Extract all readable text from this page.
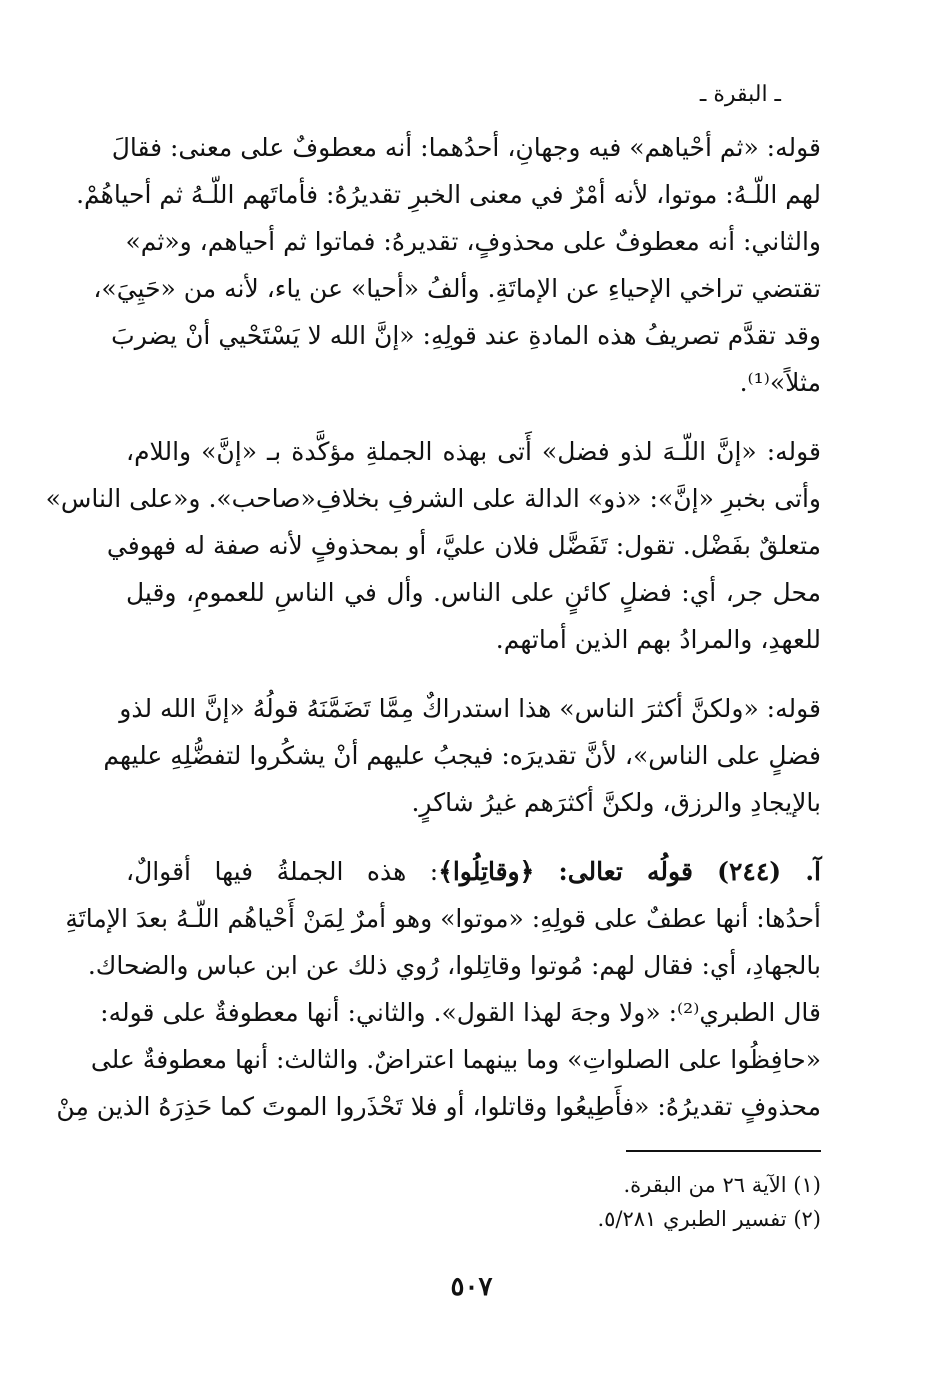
ـ البقرة ـ
قوله: «ثم أحْياهم» فيه وجهانِ، أحدُهما: أنه معطوفٌ على معنى: فقالَ
لهم اللّـهُ: موتوا، لأنه أمْرٌ في معنى الخبرِ تقديرُهُ: فأماتَهم اللّـهُ ثم أحياهُمْ.
والثاني: أنه معطوفٌ على محذوفٍ، تقديرهُ: فماتوا ثم أحياهم، و«ثم»
تقتضي تراخي الإحياءِ عن الإماتَةِ. وألفُ «أحيا» عن ياء، لأنه من «حَيِيَ»،
وقد تقدَّم تصريفُ هذه المادةِ عند قولِهِ: «إنَّ الله لا يَسْتَحْيي أنْ يضربَ
مثلاً»⁽¹⁾.
قوله: «إنَّ اللّـهَ لذو فضل» أَتى بهذه الجملةِ مؤكَّدة بـ «إنَّ» واللام،
وأتى بخبرِ «إنَّ»: «ذو» الدالة على الشرفِ بخلافِ«صاحب». و«على الناس»
متعلقٌ بفَضْل. تقول: تَفَضَّل فلان عليَّ، أو بمحذوفٍ لأنه صفة له فهوفي
محل جر، أي: فضلٍ كائنٍ على الناس. وأل في الناسِ للعمومِ، وقيل
للعهدِ، والمرادُ بهم الذين أماتهم.
قوله: «ولكنَّ أكثرَ الناس» هذا استدراكٌ مِمَّا تَضَمَّنَهُ قولُهُ «إنَّ الله لذو
فضلٍ على الناس»، لأنَّ تقديرَه: فيجبُ عليهم أنْ يشكُروا لتفضُّلِهِ عليهم
بالإيجادِ والرزق، ولكنَّ أكثرَهم غيرُ شاكرٍ.
آ. (٢٤٤) قولُه تعالى: ﴿وقاتِلُوا﴾: هذه الجملةُ فيها أقوالٌ،
أحدُها: أنها عطفٌ على قولِهِ: «موتوا» وهو أمرٌ لِمَنْ أَحْياهُم اللّـهُ بعدَ الإماتَةِ
بالجهادِ، أي: فقال لهم: مُوتوا وقاتِلوا، رُوي ذلك عن ابن عباس والضحاك.
قال الطبري⁽²⁾: «ولا وجهَ لهذا القول». والثاني: أنها معطوفةٌ على قوله:
«حافِظُوا على الصلواتِ» وما بينهما اعتراضٌ. والثالث: أنها معطوفةٌ على
محذوفٍ تقديرُهُ: «فأَطِيعُوا وقاتلوا، أو فلا تَحْذَروا الموتَ كما حَذِرَهُ الذين مِنْ
(١) الآية ٢٦ من البقرة.
(٢) تفسير الطبري ٥/٢٨١.
٥٠٧
